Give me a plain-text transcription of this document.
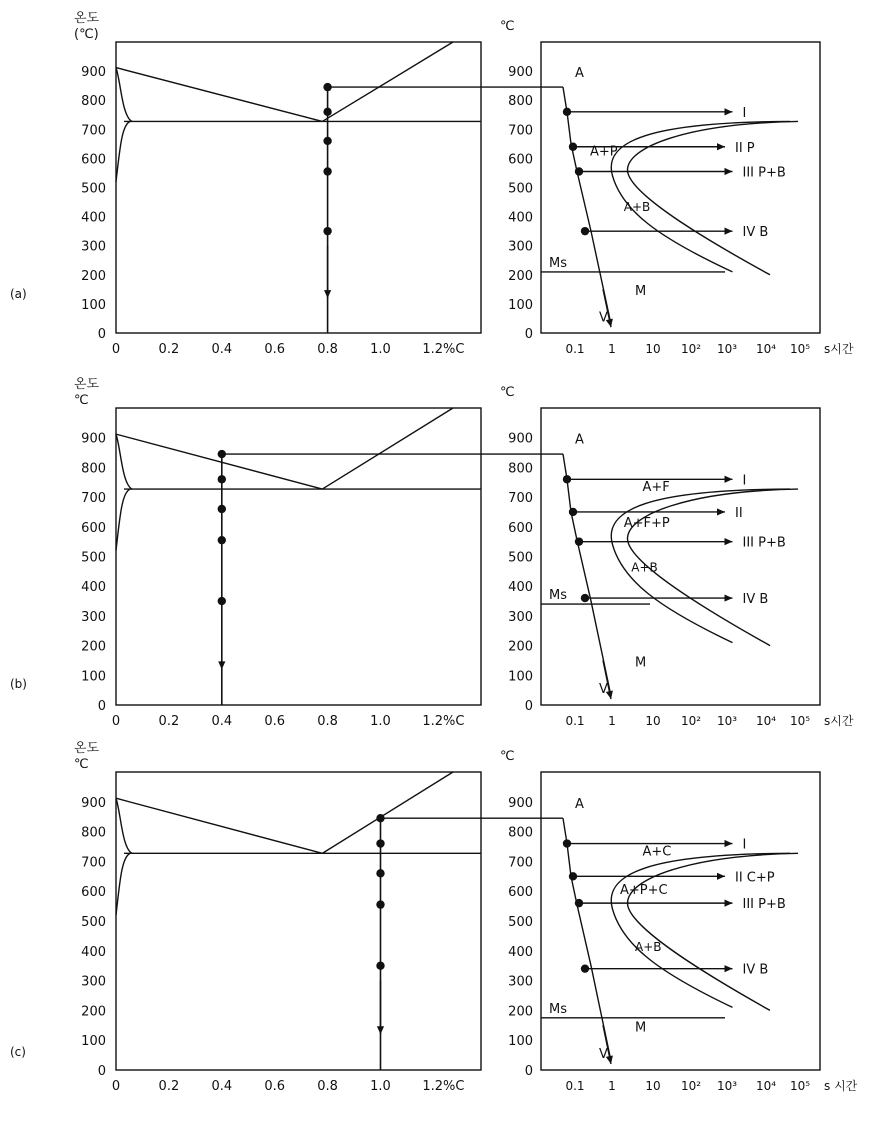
온도
(℃)
0
100
200
300
400
500
600
700
800
900
0	0.2 0.4 0.6 0.8 1.0 1.2%C
℃
0
100
200
300
400
500
600
700
800
900
0.1 1 10 10² 10³ 10⁴ 10⁵ s시간
Ms
I
II P
III P+B
IV B
A
A+P
A+B
M
V
(a)
온도
℃
0
100
200
300
400
500
600
700
800
900
0	0.2 0.4 0.6 0.8 1.0 1.2%C
℃
0
100
200
300
400
500
600
700
800
900
0.1 1 10 10² 10³ 10⁴ 10⁵ s시간
Ms
I
II
III P+B
IV B
A
A+F
A+F+P
A+B
M
V
(b)
온도
℃
0
100
200
300
400
500
600
700
800
900
0	0.2 0.4 0.6 0.8 1.0 1.2%C
℃
0
100
200
300
400
500
600
700
800
900
0.1 1 10 10² 10³ 10⁴ 10⁵ s 시간
Ms
I
II C+P
III P+B
IV B
A
A+C
A+P+C
A+B
M
V
(c)
